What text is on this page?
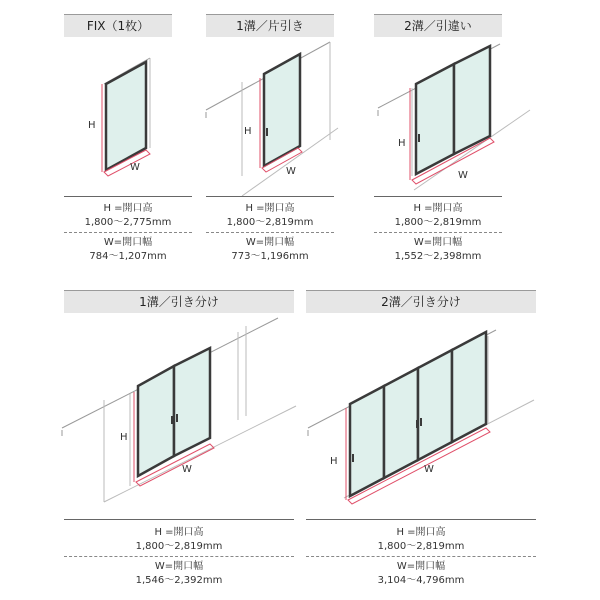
FIX（1枚）
H
W
H =開口高
1,800～2,775mm
W=開口幅
784～1,207mm
1溝／片引き
H
W
H =開口高
1,800～2,819mm
W=開口幅
773～1,196mm
2溝／引違い
H
W
H =開口高
1,800～2,819mm
W=開口幅
1,552～2,398mm
1溝／引き分け
H
W
H =開口高
1,800～2,819mm
W=開口幅
1,546～2,392mm
2溝／引き分け
H
W
H =開口高
1,800～2,819mm
W=開口幅
3,104～4,796mm
